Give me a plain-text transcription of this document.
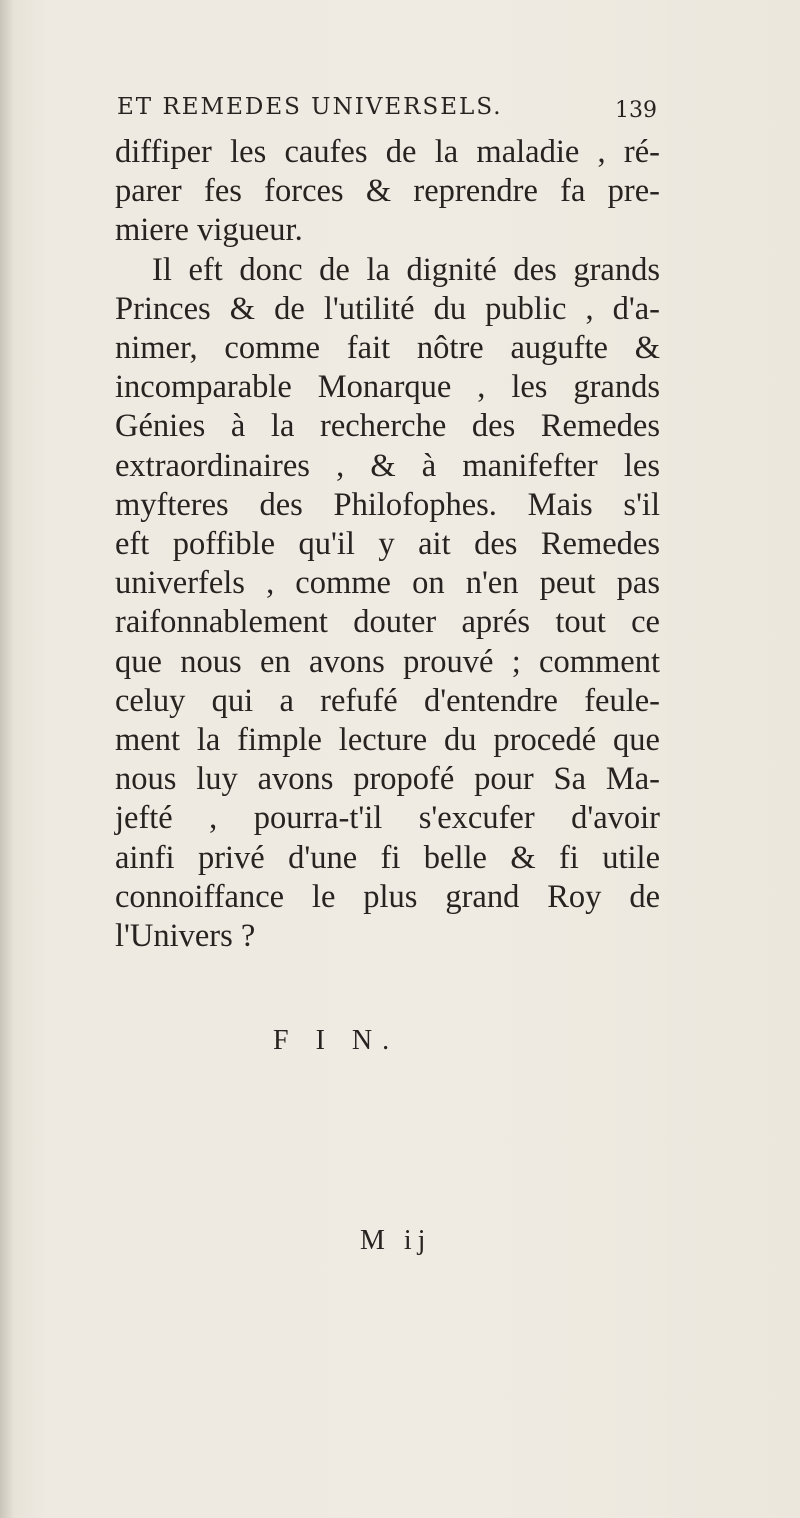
ET REMEDES UNIVERSELS.	139
diffiper les caufes de la maladie , ré-
parer fes forces & reprendre fa pre-
miere vigueur.
Il eft donc de la dignité des grands
Princes & de l'utilité du public , d'a-
nimer, comme fait nôtre augufte &
incomparable Monarque , les grands
Génies à la recherche des Remedes
extraordinaires , & à manifefter les
myfteres des Philofophes. Mais s'il
eft poffible qu'il y ait des Remedes
univerfels , comme on n'en peut pas
raifonnablement douter aprés tout ce
que nous en avons prouvé ; comment
celuy qui a refufé d'entendre feule-
ment la fimple lecture du procedé que
nous luy avons propofé pour Sa Ma-
jefté , pourra-t'il s'excufer d'avoir
ainfi privé d'une fi belle & fi utile
connoiffance le plus grand Roy de
l'Univers ?
F I N.
M ij
